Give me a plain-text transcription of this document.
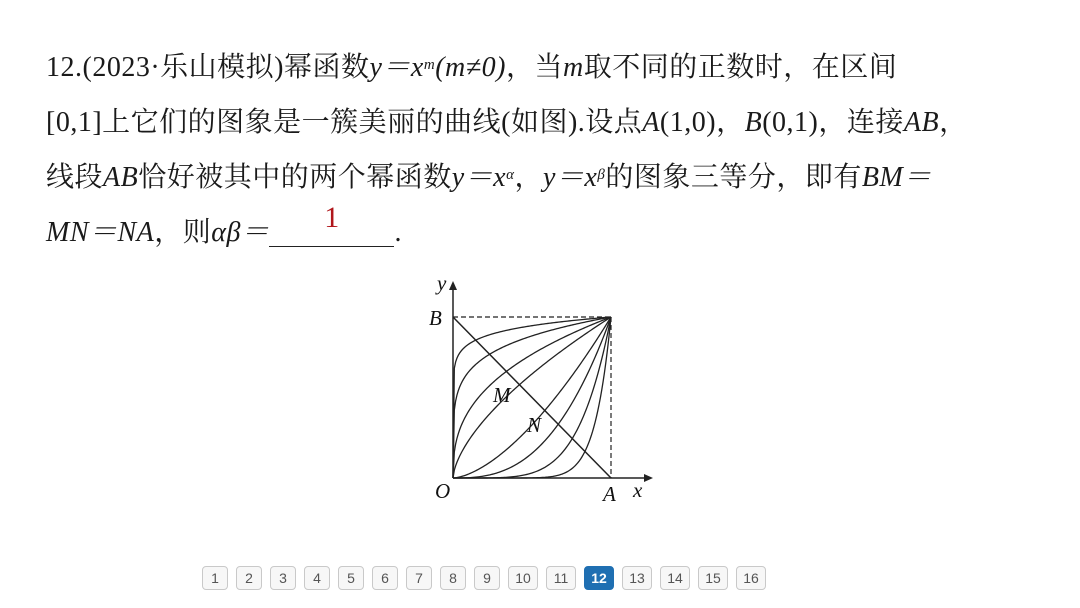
12.(2023·乐山模拟)幂函数$y=x^m(m\ne 0)$，当m取不同的正数时，在区间
[0,1]上它们的图象是一簇美丽的曲线(如图).设点A(1,0)，B(0,1)，连接AB，
线段AB恰好被其中的两个幂函数$y=x^\alpha$，$y=x^\beta$的图象三等分，即有BM＝
MN＝NA，则αβ＝	1	.
y
x
O	A
B
M
N
1	2	3	4	5	6	7	8	9	10	11	12	13	14	15	16
